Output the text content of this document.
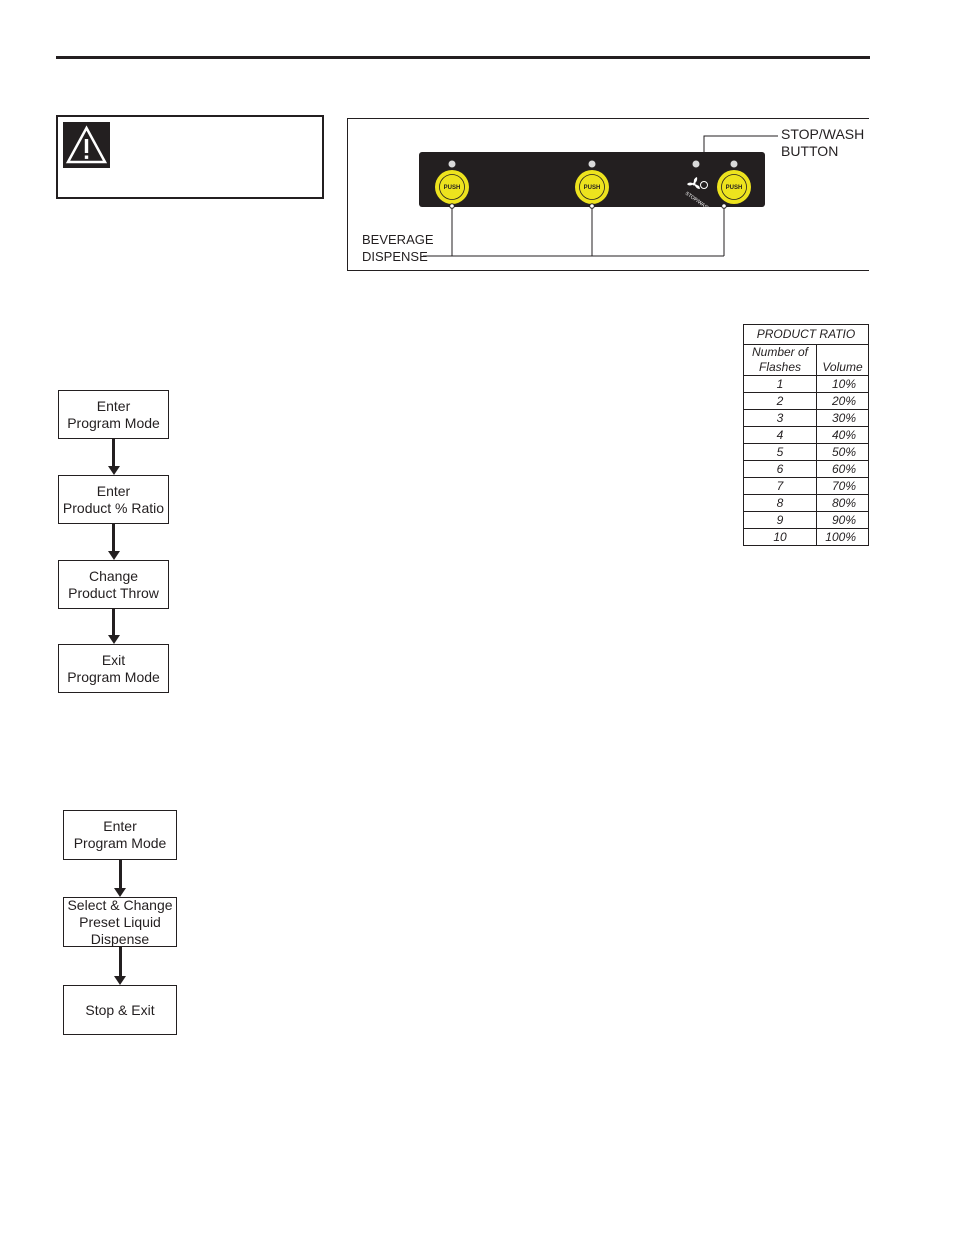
PUSH	PUSH	PUSH
STOP/WASH
STOP/WASH
BUTTON
BEVERAGE
DISPENSE
PRODUCT RATIO	

Number of
Flashes	Volume
1	10%
2	20%
3	30%
4	40%
5	50%
6	60%
7	70%
8	80%
9	90%
10	100%
Enter
Program Mode
Enter
Product % Ratio
Change
Product Throw
Exit
Program Mode
Enter
Program Mode
Select & Change
Preset Liquid
Dispense
Stop & Exit
